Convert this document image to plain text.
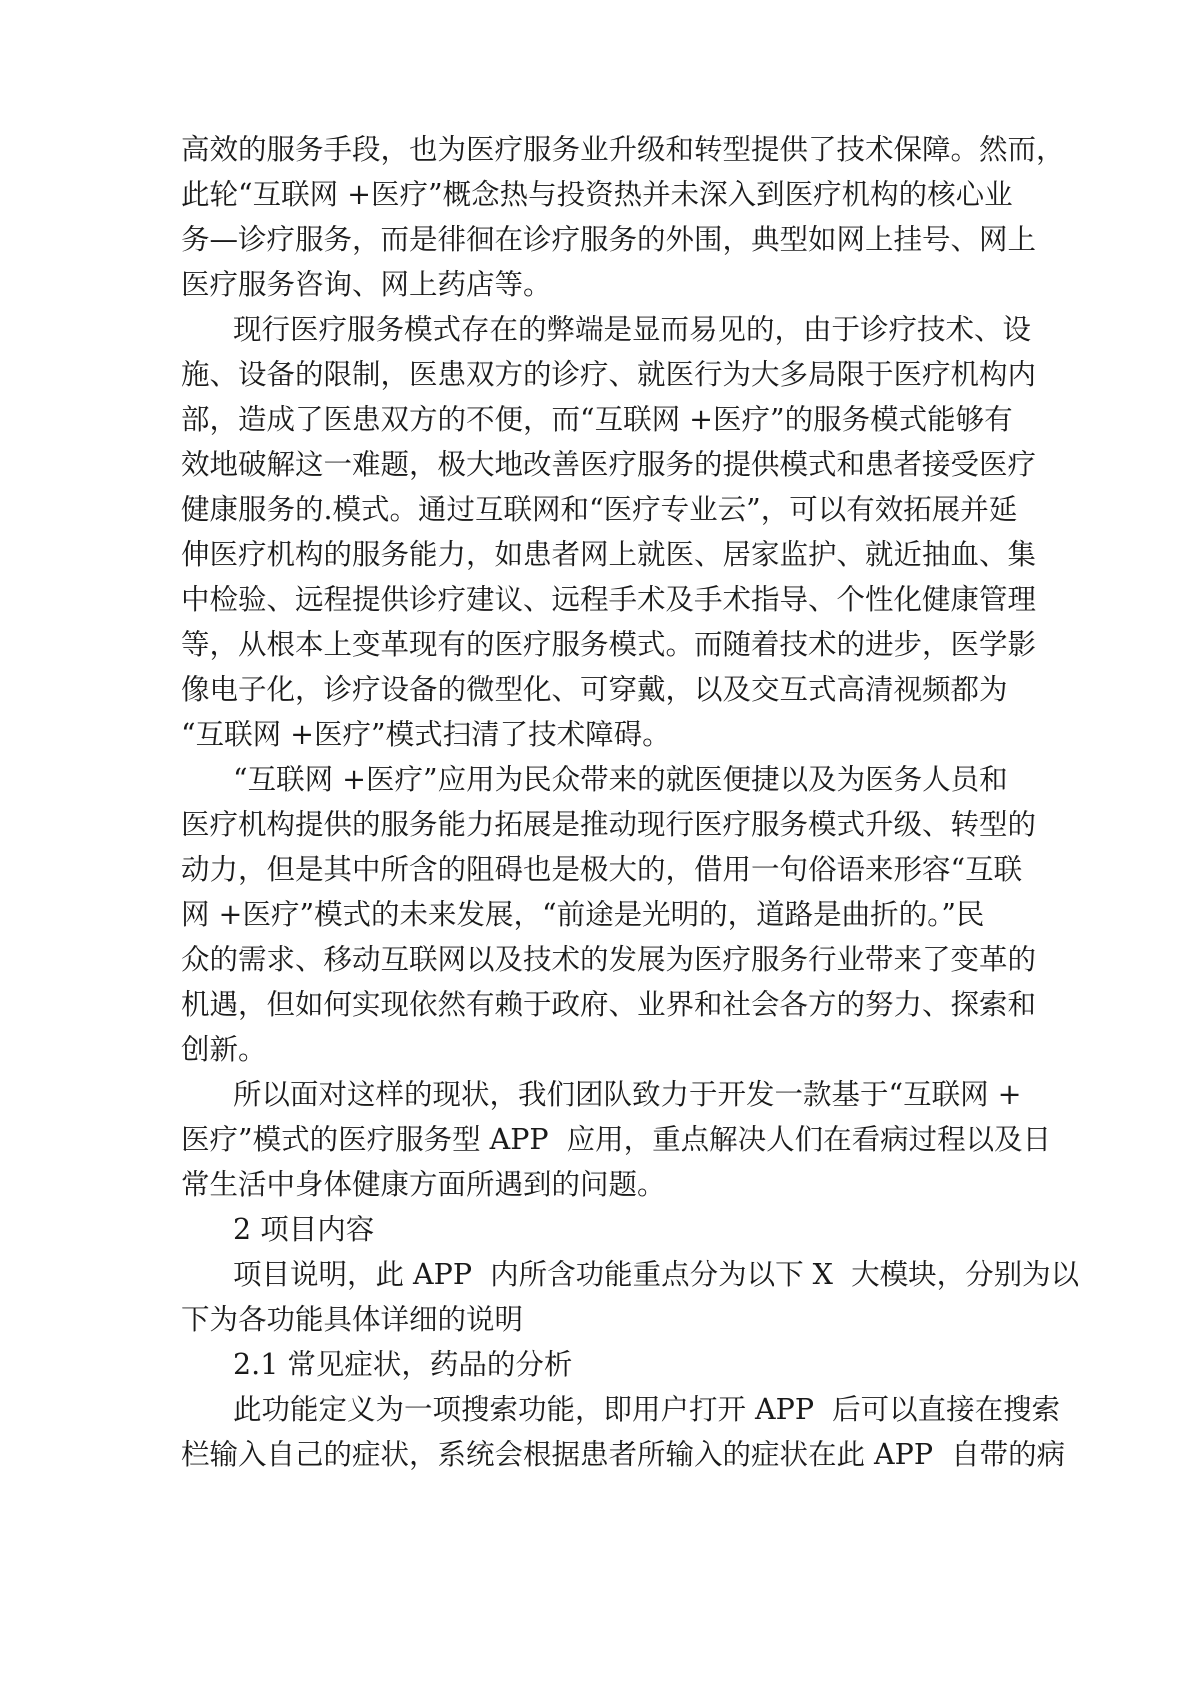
高效的服务手段，也为医疗服务业升级和转型提供了技术保障。然而，

此轮“互联网 +医疗”概念热与投资热并未深入到医疗机构的核心业

务—诊疗服务，而是徘徊在诊疗服务的外围，典型如网上挂号、网上

医疗服务咨询、网上药店等。

现行医疗服务模式存在的弊端是显而易见的，由于诊疗技术、设

施、设备的限制，医患双方的诊疗、就医行为大多局限于医疗机构内

部，造成了医患双方的不便，而“互联网 +医疗”的服务模式能够有

效地破解这一难题，极大地改善医疗服务的提供模式和患者接受医疗

健康服务的.模式。通过互联网和“医疗专业云”，可以有效拓展并延

伸医疗机构的服务能力，如患者网上就医、居家监护、就近抽血、集

中检验、远程提供诊疗建议、远程手术及手术指导、个性化健康管理

等，从根本上变革现有的医疗服务模式。而随着技术的进步，医学影

像电子化，诊疗设备的微型化、可穿戴，以及交互式高清视频都为

“互联网 +医疗”模式扫清了技术障碍。

“互联网 +医疗”应用为民众带来的就医便捷以及为医务人员和

医疗机构提供的服务能力拓展是推动现行医疗服务模式升级、转型的

动力，但是其中所含的阻碍也是极大的，借用一句俗语来形容“互联

网 +医疗”模式的未来发展，“前途是光明的，道路是曲折的。”民

众的需求、移动互联网以及技术的发展为医疗服务行业带来了变革的

机遇，但如何实现依然有赖于政府、业界和社会各方的努力、探索和

创新。

所以面对这样的现状，我们团队致力于开发一款基于“互联网 +

医疗”模式的医疗服务型 APP  应用，重点解决人们在看病过程以及日

常生活中身体健康方面所遇到的问题。

2 项目内容

项目说明，此 APP  内所含功能重点分为以下 X  大模块，分别为以

下为各功能具体详细的说明

2.1 常见症状，药品的分析

此功能定义为一项搜索功能，即用户打开 APP  后可以直接在搜索

栏输入自己的症状，系统会根据患者所输入的症状在此 APP  自带的病
